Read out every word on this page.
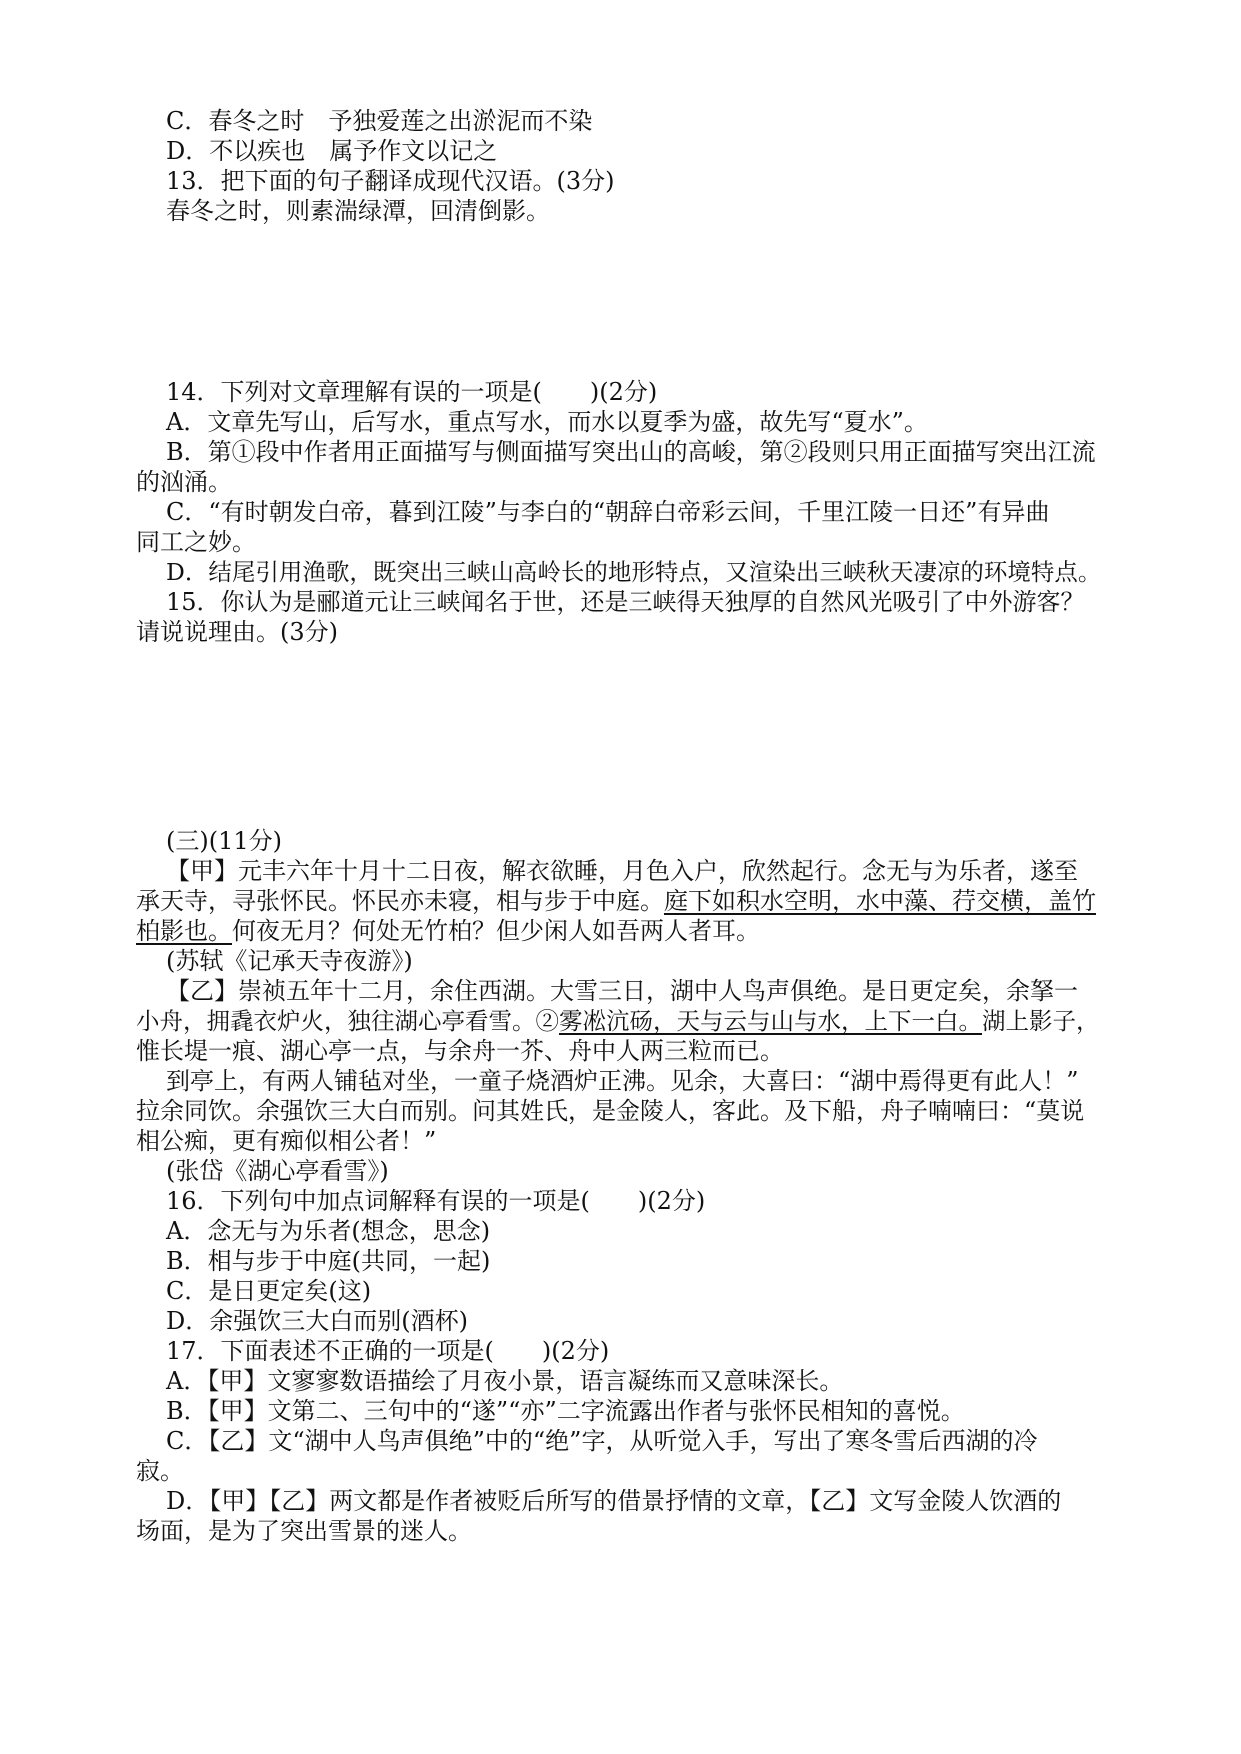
C．春冬之时　予独爱莲之出淤泥而不染
D．不以疾也　属予作文以记之
13．把下面的句子翻译成现代汉语。(3分)
春冬之时，则素湍绿潭，回清倒影。
14．下列对文章理解有误的一项是(　　)(2分)
A．文章先写山，后写水，重点写水，而水以夏季为盛，故先写“夏水”。
B．第①段中作者用正面描写与侧面描写突出山的高峻，第②段则只用正面描写突出江流
的汹涌。
C．“有时朝发白帝，暮到江陵”与李白的“朝辞白帝彩云间，千里江陵一日还”有异曲
同工之妙。
D．结尾引用渔歌，既突出三峡山高岭长的地形特点，又渲染出三峡秋天凄凉的环境特点。
15．你认为是郦道元让三峡闻名于世，还是三峡得天独厚的自然风光吸引了中外游客？
请说说理由。(3分)
(三)(11分)
【甲】元丰六年十月十二日夜，解衣欲睡，月色入户，欣然起行。念无与为乐者，遂至
承天寺，寻张怀民。怀民亦未寝，相与步于中庭。庭下如积水空明，水中藻、荇交横，盖竹
柏影也。何夜无月？何处无竹柏？但少闲人如吾两人者耳。
(苏轼《记承天寺夜游》)
【乙】崇祯五年十二月，余住西湖。大雪三日，湖中人鸟声俱绝。是日更定矣，余拏一
小舟，拥毳衣炉火，独往湖心亭看雪。②雾凇沆砀，天与云与山与水，上下一白。湖上影子，
惟长堤一痕、湖心亭一点，与余舟一芥、舟中人两三粒而已。
到亭上，有两人铺毡对坐，一童子烧酒炉正沸。见余，大喜曰：“湖中焉得更有此人！”
拉余同饮。余强饮三大白而别。问其姓氏，是金陵人，客此。及下船，舟子喃喃曰：“莫说
相公痴，更有痴似相公者！”
(张岱《湖心亭看雪》)
16．下列句中加点词解释有误的一项是(　　)(2分)
A．念无与为乐者(想念，思念)
B．相与步于中庭(共同，一起)
C．是日更定矣(这)
D．余强饮三大白而别(酒杯)
17．下面表述不正确的一项是(　　)(2分)
A．【甲】文寥寥数语描绘了月夜小景，语言凝练而又意味深长。
B．【甲】文第二、三句中的“遂”“亦”二字流露出作者与张怀民相知的喜悦。
C．【乙】文“湖中人鸟声俱绝”中的“绝”字，从听觉入手，写出了寒冬雪后西湖的冷
寂。
D．【甲】【乙】两文都是作者被贬后所写的借景抒情的文章，【乙】文写金陵人饮酒的
场面，是为了突出雪景的迷人。
